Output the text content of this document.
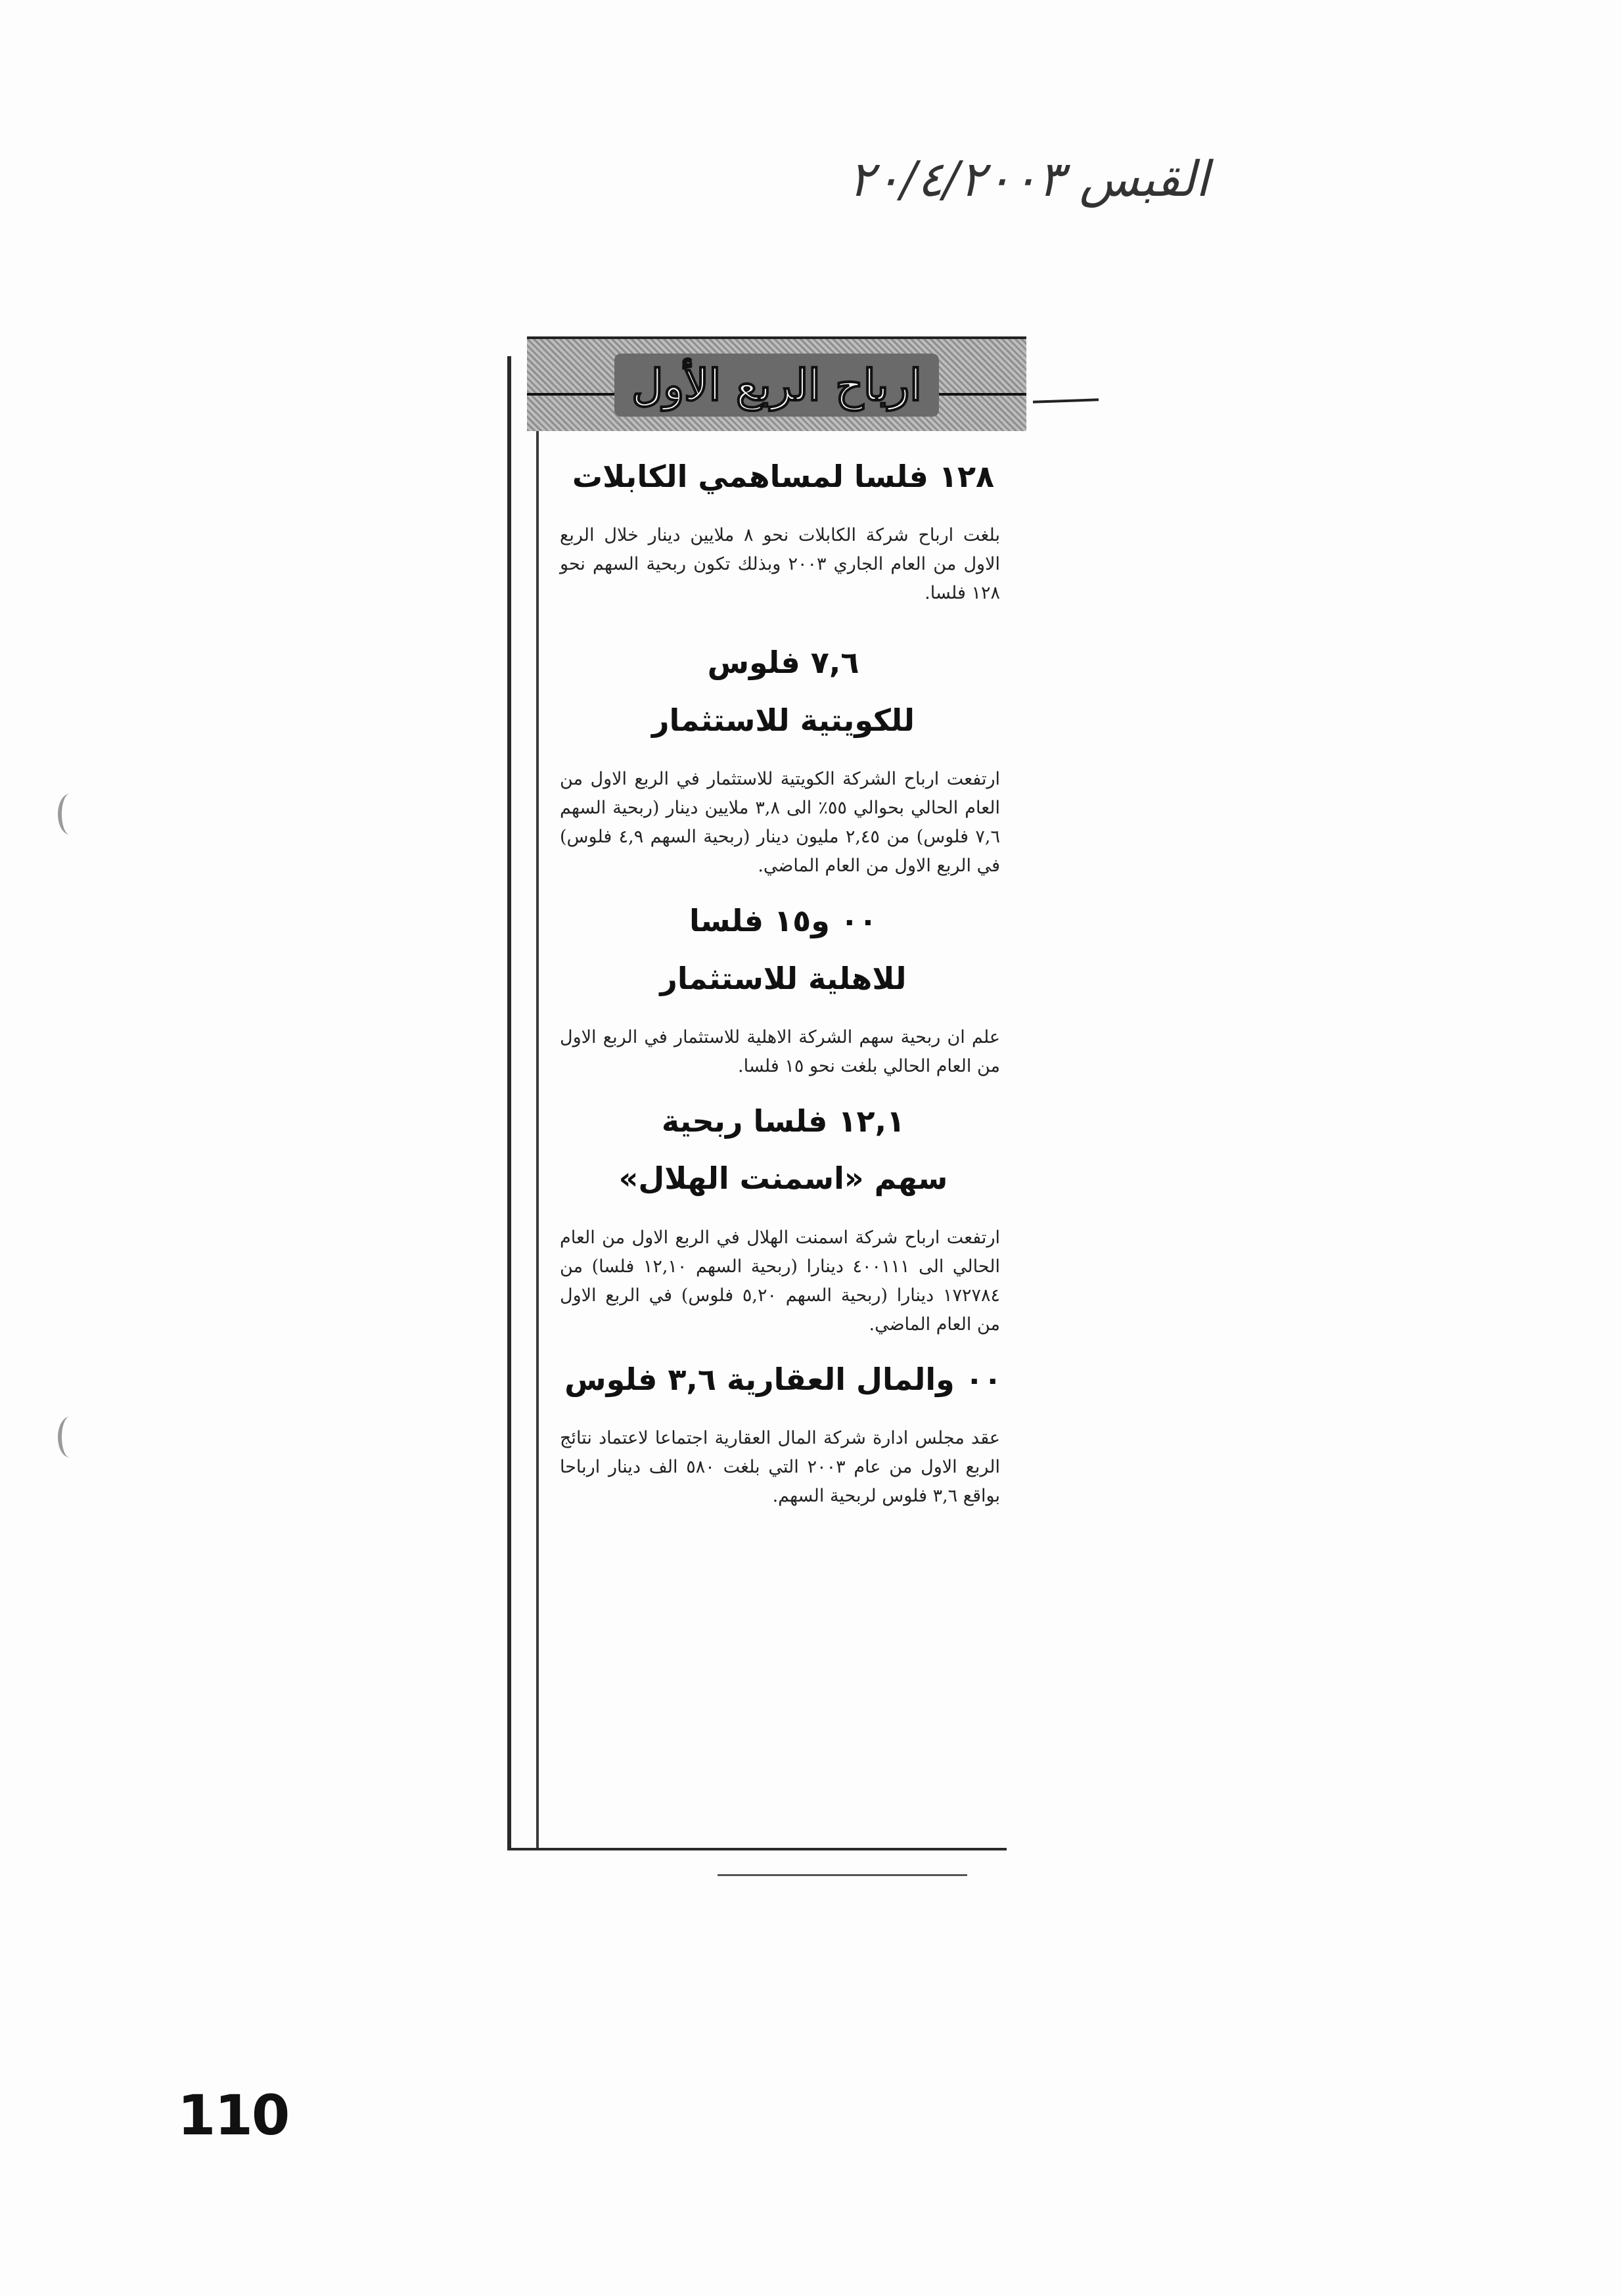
القبس ٢٠/٤/٢٠٠٣
ارباح الربع الأول
١٢٨ فلسا لمساهمي الكابلات

بلغت ارباح شركة الكابلات نحو ٨ ملايين دينار خلال الربع الاول من العام الجاري ٢٠٠٣ وبذلك تكون ربحية السهم نحو ١٢٨ فلسا.

٧,٦ فلوس
للكويتية للاستثمار

ارتفعت ارباح الشركة الكويتية للاستثمار في الربع الاول من العام الحالي بحوالي ٥٥٪ الى ٣,٨ ملايين دينار (ربحية السهم ٧,٦ فلوس) من ٢,٤٥ مليون دينار (ربحية السهم ٤,٩ فلوس) في الربع الاول من العام الماضي.

٠٠ و١٥ فلسا
للاهلية للاستثمار

علم ان ربحية سهم الشركة الاهلية للاستثمار في الربع الاول من العام الحالي بلغت نحو ١٥ فلسا.

١٢,١ فلسا ربحية
سهم «اسمنت الهلال»

ارتفعت ارباح شركة اسمنت الهلال في الربع الاول من العام الحالي الى ٤٠٠١١١ دينارا (ربحية السهم ١٢,١٠ فلسا) من ١٧٢٧٨٤ دينارا (ربحية السهم ٥,٢٠ فلوس) في الربع الاول من العام الماضي.

٠٠ والمال العقارية ٣,٦ فلوس

عقد مجلس ادارة شركة المال العقارية اجتماعا لاعتماد نتائج الربع الاول من عام ٢٠٠٣ التي بلغت ٥٨٠ الف دينار ارباحا بواقع ٣,٦ فلوس لربحية السهم.

110
